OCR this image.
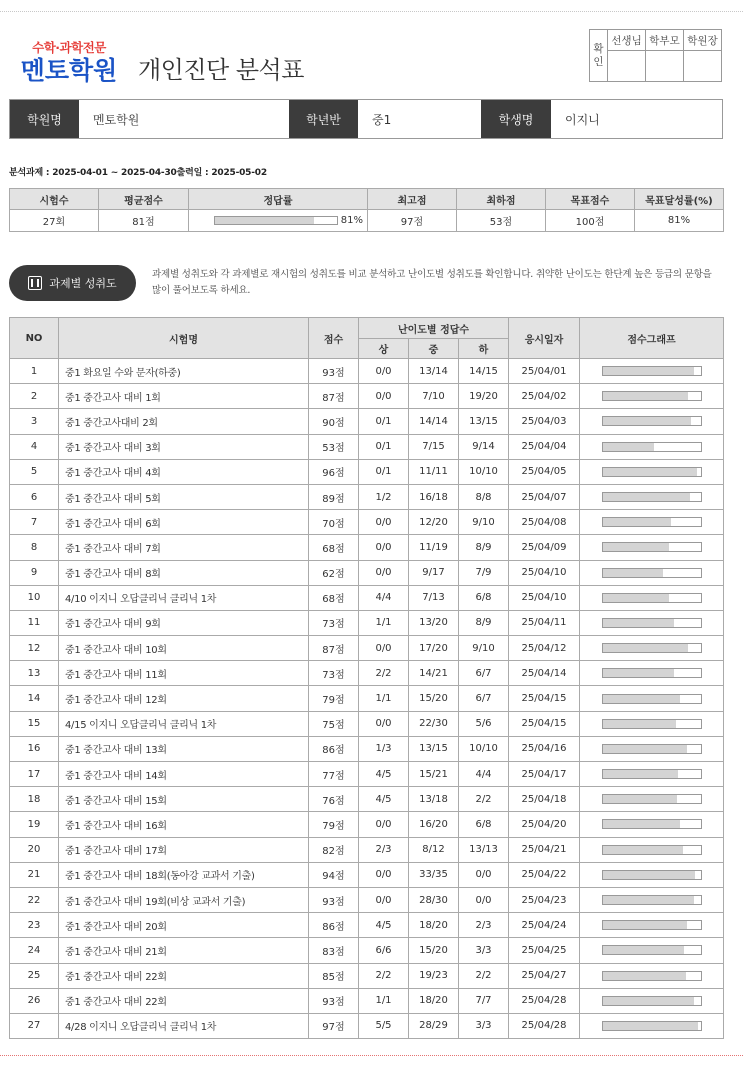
수학·과학전문
멘토학원 개인진단 분석표
확인	선생님	학부모	학원장

학원명	멘토학원	학년반	중1	학생명	이지니
분석과제 : 2025-04-01 ~ 2025-04-30출력일 : 2025-05-02
시험수	평균점수	정답률	최고점	최하점	목표점수	목표달성률(%)
27회	81점	81%	97점	53점	100점	81%
과제별 성취도
과제별 성취도와 각 과제별로 재시험의 성취도를 비교 분석하고 난이도별 성취도를 확인합니다. 취약한 난이도는 한단계 높은 등급의 문항을 많이 풀어보도록 하세요.
NO	시험명	점수	난이도별 정답수			응시일자	점수그래프
			상	중	하		
1	중1 화요일 수와 문자(하중)	93점	0/0	13/14	14/15	25/04/01	

2	중1 중간고사 대비 1회	87점	0/0	7/10	19/20	25/04/02	

3	중1 중간고사대비 2회	90점	0/1	14/14	13/15	25/04/03	

4	중1 중간고사 대비 3회	53점	0/1	7/15	9/14	25/04/04	

5	중1 중간고사 대비 4회	96점	0/1	11/11	10/10	25/04/05	

6	중1 중간고사 대비 5회	89점	1/2	16/18	8/8	25/04/07	

7	중1 중간고사 대비 6회	70점	0/0	12/20	9/10	25/04/08	

8	중1 중간고사 대비 7회	68점	0/0	11/19	8/9	25/04/09	

9	중1 중간고사 대비 8회	62점	0/0	9/17	7/9	25/04/10	

10	4/10 이지니 오답클리닉 클리닉 1차	68점	4/4	7/13	6/8	25/04/10	

11	중1 중간고사 대비 9회	73점	1/1	13/20	8/9	25/04/11	

12	중1 중간고사 대비 10회	87점	0/0	17/20	9/10	25/04/12	

13	중1 중간고사 대비 11회	73점	2/2	14/21	6/7	25/04/14	

14	중1 중간고사 대비 12회	79점	1/1	15/20	6/7	25/04/15	

15	4/15 이지니 오답클리닉 클리닉 1차	75점	0/0	22/30	5/6	25/04/15	

16	중1 중간고사 대비 13회	86점	1/3	13/15	10/10	25/04/16	

17	중1 중간고사 대비 14회	77점	4/5	15/21	4/4	25/04/17	

18	중1 중간고사 대비 15회	76점	4/5	13/18	2/2	25/04/18	

19	중1 중간고사 대비 16회	79점	0/0	16/20	6/8	25/04/20	

20	중1 중간고사 대비 17회	82점	2/3	8/12	13/13	25/04/21	

21	중1 중간고사 대비 18회(동아강 교과서 기출)	94점	0/0	33/35	0/0	25/04/22	

22	중1 중간고사 대비 19회(비상 교과서 기출)	93점	0/0	28/30	0/0	25/04/23	

23	중1 중간고사 대비 20회	86점	4/5	18/20	2/3	25/04/24	

24	중1 중간고사 대비 21회	83점	6/6	15/20	3/3	25/04/25	

25	중1 중간고사 대비 22회	85점	2/2	19/23	2/2	25/04/27	

26	중1 중간고사 대비 22회	93점	1/1	18/20	7/7	25/04/28	

27	4/28 이지니 오답클리닉 클리닉 1차	97점	5/5	28/29	3/3	25/04/28	
